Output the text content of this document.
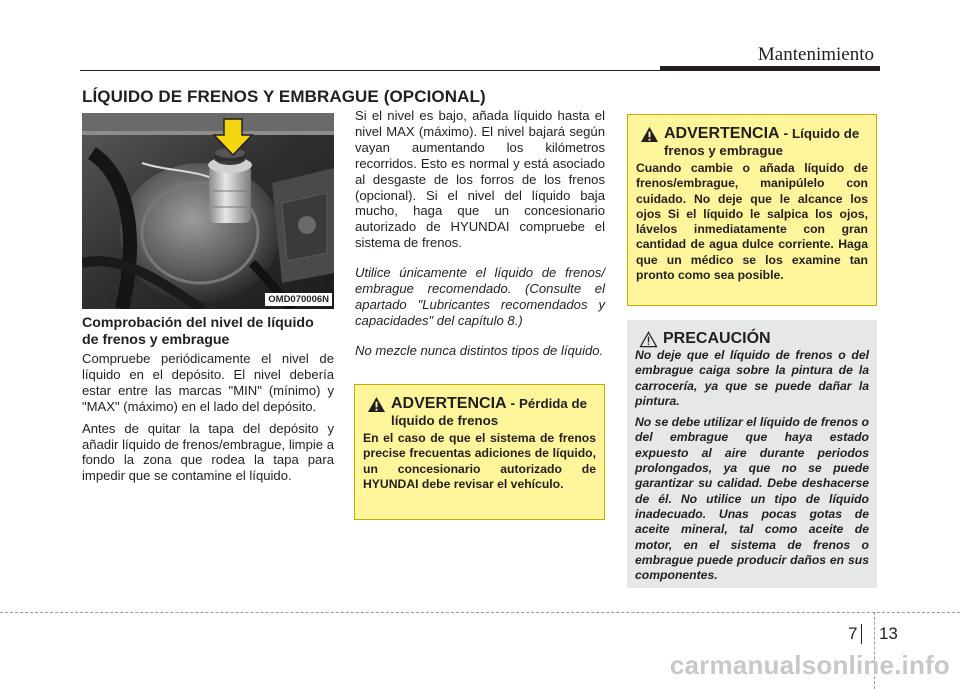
Mantenimiento
LÍQUIDO DE FRENOS Y EMBRAGUE (OPCIONAL)
OMD070006N
Comprobación del nivel de líquido de frenos y embrague

Compruebe periódicamente el nivel de líquido en el depósito. El nivel debería estar entre las marcas "MIN" (mínimo) y "MAX" (máximo) en el lado del depósito.

Antes de quitar la tapa del depósito y añadir líquido de frenos/embrague, limpie a fondo la zona que rodea la tapa para impedir que se contamine el líquido.

Si el nivel es bajo, añada líquido hasta el nivel MAX (máximo). El nivel bajará según vayan aumentando los kilómetros recorridos. Esto es normal y está asociado al desgaste de los forros de los frenos (opcional). Si el nivel del líquido baja mucho, haga que un concesionario autorizado de HYUNDAI compruebe el sistema de frenos.

Utilice únicamente el líquido de frenos/ embrague recomendado. (Consulte el apartado "Lubricantes recomendados y capacidades" del capítulo 8.)

No mezcle nunca distintos tipos de líquido.

ADVERTENCIA - Pérdida de líquido de frenos
En el caso de que el sistema de frenos precise frecuentas adiciones de líquido, un concesionario autorizado de HYUNDAI debe revisar el vehículo.
ADVERTENCIA - Líquido de frenos y embrague
Cuando cambie o añada líquido de frenos/embrague, manipúlelo con cuidado. No deje que le alcance los ojos Si el líquido le salpica los ojos, lávelos inmediatamente con gran cantidad de agua dulce corriente. Haga que un médico se los examine tan pronto como sea posible.
PRECAUCIÓN

No deje que el líquido de frenos o del embrague caiga sobre la pintura de la carrocería, ya que se puede dañar la pintura.

No se debe utilizar el líquido de frenos o del embrague que haya estado expuesto al aire durante periodos prolongados, ya que no se puede garantizar su calidad. Debe deshacerse de él. No utilice un tipo de líquido inadecuado. Unas pocas gotas de aceite mineral, tal como aceite de motor, en el sistema de frenos o embrague puede producir daños en sus componentes.

7 13
carmanualsonline.info
